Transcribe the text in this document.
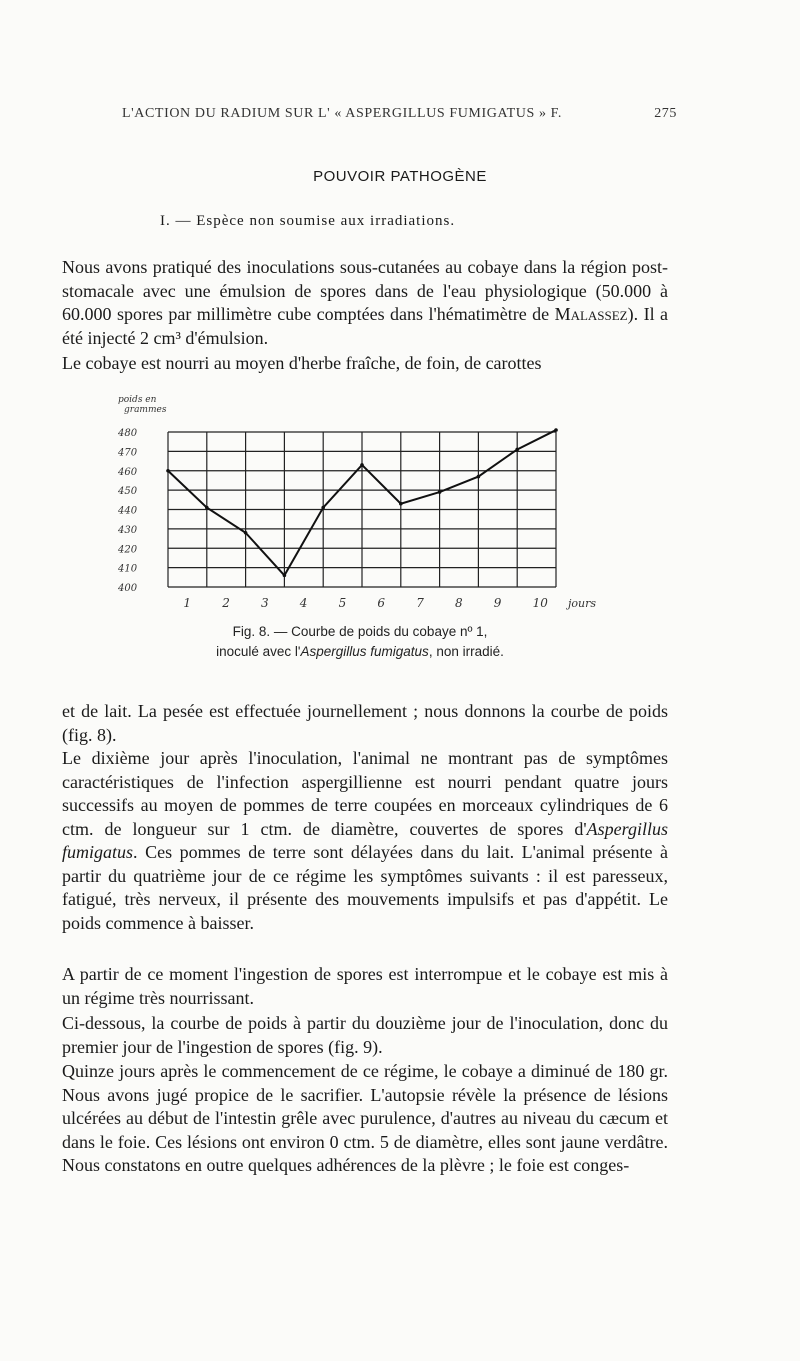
L'ACTION DU RADIUM SUR L' « ASPERGILLUS FUMIGATUS » F.	275
POUVOIR PATHOGÈNE
I. — Espèce non soumise aux irradiations.

Nous avons pratiqué des inoculations sous-cutanées au cobaye dans la région post-stomacale avec une émulsion de spores dans de l'eau physiologique (50.000 à 60.000 spores par millimètre cube comptées dans l'hématimètre de Malassez). Il a été injecté 2 cm³ d'émulsion.

Le cobaye est nourri au moyen d'herbe fraîche, de foin, de carottes

480
470
460
450
440
430
420
410
400
1	2	3	4	5	6	7	8	9	10 jours
poids en
grammes
Fig. 8. — Courbe de poids du cobaye nº 1,
inoculé avec l'Aspergillus fumigatus, non irradié.

et de lait. La pesée est effectuée journellement ; nous donnons la courbe de poids (fig. 8).

Le dixième jour après l'inoculation, l'animal ne montrant pas de symptômes caractéristiques de l'infection aspergillienne est nourri pendant quatre jours successifs au moyen de pommes de terre coupées en morceaux cylindriques de 6 ctm. de longueur sur 1 ctm. de diamètre, couvertes de spores d'Aspergillus fumigatus. Ces pommes de terre sont délayées dans du lait. L'animal présente à partir du quatrième jour de ce régime les symptômes suivants : il est paresseux, fatigué, très nerveux, il présente des mouvements impulsifs et pas d'appétit. Le poids commence à baisser.

A partir de ce moment l'ingestion de spores est interrompue et le cobaye est mis à un régime très nourrissant.

Ci-dessous, la courbe de poids à partir du douzième jour de l'inoculation, donc du premier jour de l'ingestion de spores (fig. 9).

Quinze jours après le commencement de ce régime, le cobaye a diminué de 180 gr. Nous avons jugé propice de le sacrifier. L'autopsie révèle la présence de lésions ulcérées au début de l'intestin grêle avec purulence, d'autres au niveau du cæcum et dans le foie. Ces lésions ont environ 0 ctm. 5 de diamètre, elles sont jaune verdâtre. Nous constatons en outre quelques adhérences de la plèvre ; le foie est conges-
